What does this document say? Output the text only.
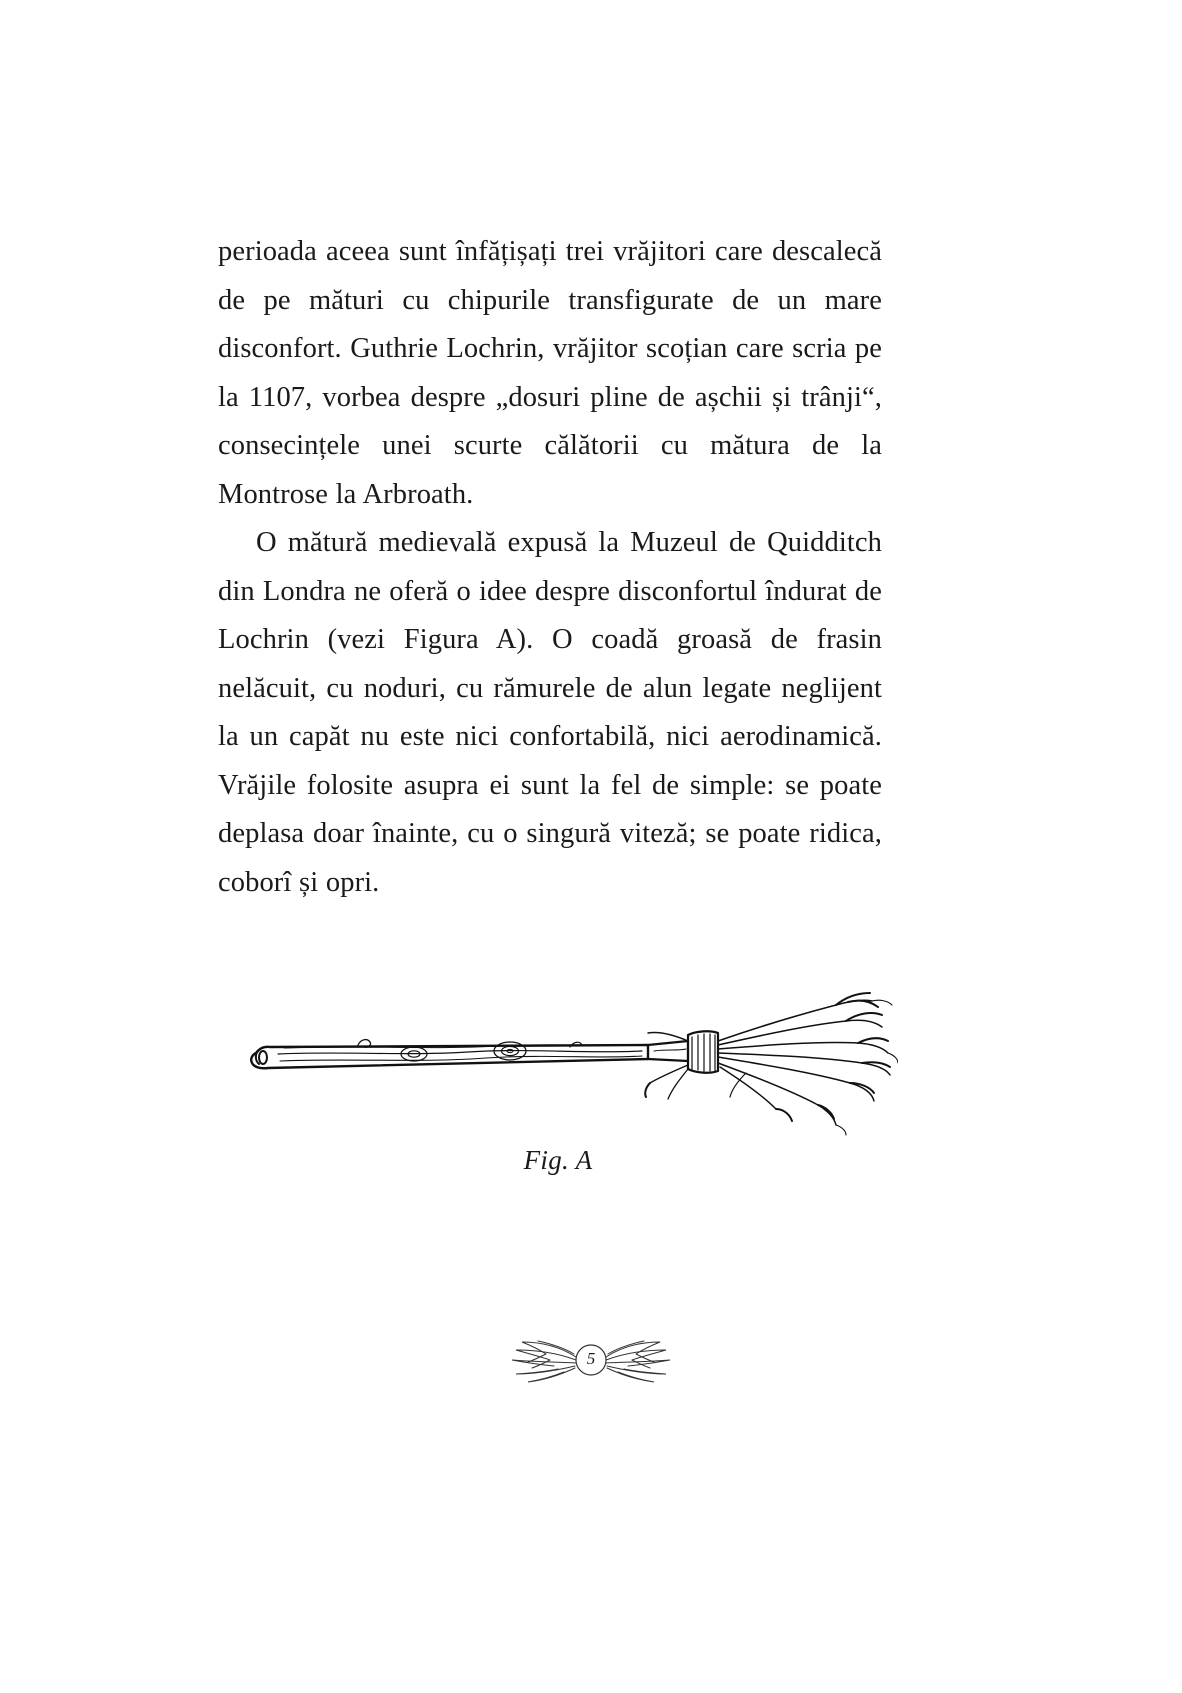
perioada aceea sunt înfățișați trei vrăjitori care descalecă de pe mături cu chipurile transfigurate de un mare disconfort. Guthrie Lochrin, vrăjitor scoțian care scria pe la 1107, vorbea despre „dosuri pline de așchii și trânji“, consecințele unei scurte călătorii cu mătura de la Montrose la Arbroath.

O mătură medievală expusă la Muzeul de Quidditch din Londra ne oferă o idee despre disconfortul îndurat de Lochrin (vezi Figura A). O coadă groasă de frasin nelăcuit, cu noduri, cu rămurele de alun legate neglijent la un capăt nu este nici confortabilă, nici aerodinamică. Vrăjile folosite asupra ei sunt la fel de simple: se poate deplasa doar înainte, cu o singură viteză; se poate ridica, coborî și opri.

Fig. A
5
